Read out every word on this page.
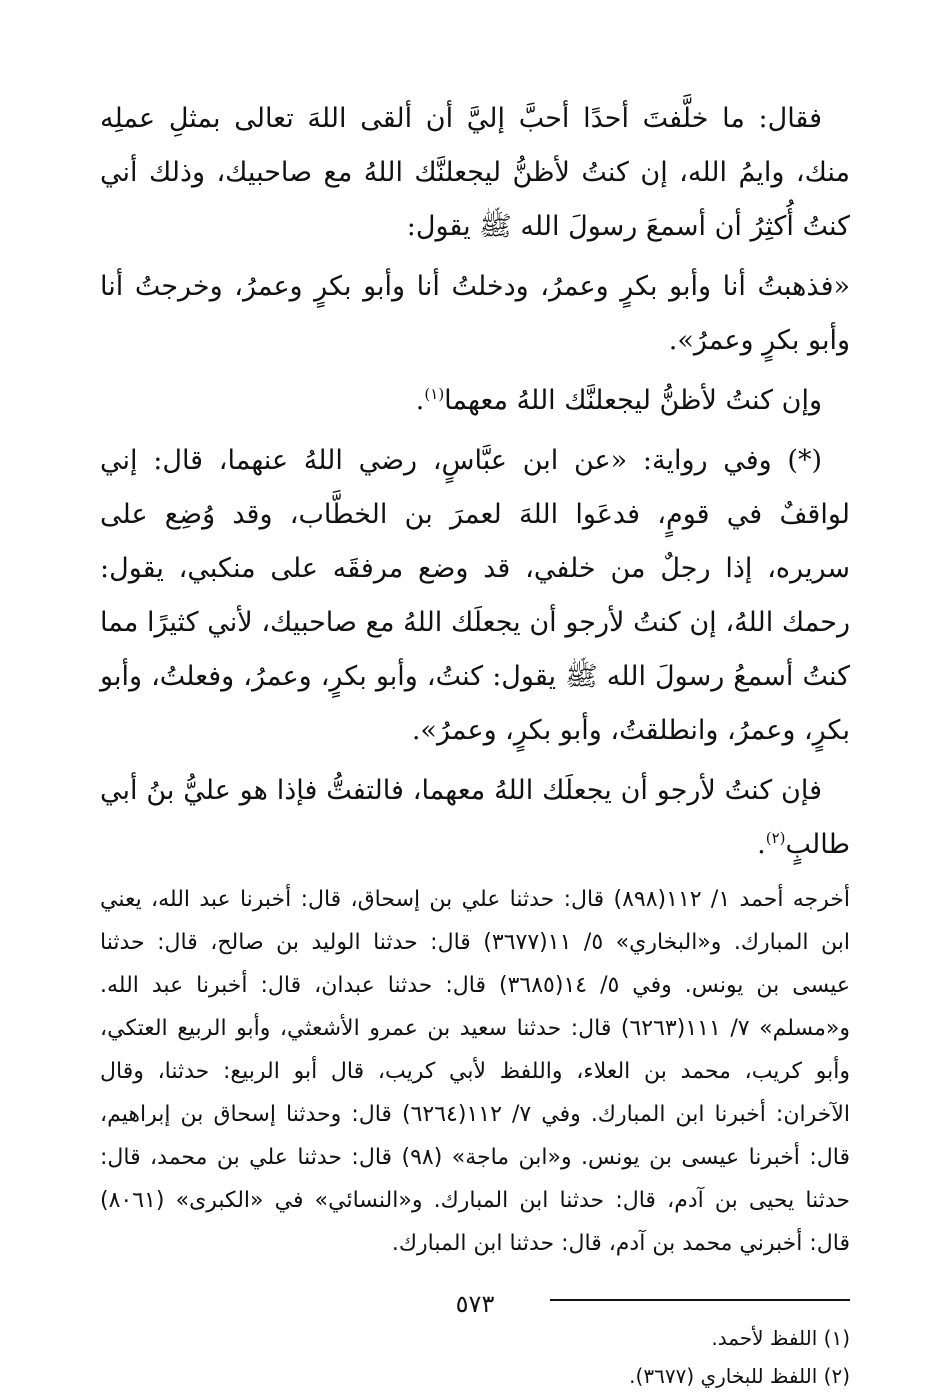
فقال: ما خلَّفتَ أحدًا أحبَّ إليَّ أن ألقى اللهَ تعالى بمثلِ عملِه منك، وايمُ الله، إن كنتُ لأظنُّ ليجعلنَّك اللهُ مع صاحبيك، وذلك أني كنتُ أُكثِرُ أن أسمعَ رسولَ الله ﷺ يقول:

«فذهبتُ أنا وأبو بكرٍ وعمرُ، ودخلتُ أنا وأبو بكرٍ وعمرُ، وخرجتُ أنا وأبو بكرٍ وعمرُ».

وإن كنتُ لأظنُّ ليجعلنَّك اللهُ معهما$^{(١)}$.

(*) وفي رواية: «عن ابن عبَّاسٍ، رضي اللهُ عنهما، قال: إني لواقفٌ في قومٍ، فدعَوا اللهَ لعمرَ بن الخطَّاب، وقد وُضِع على سريره، إذا رجلٌ من خلفي، قد وضع مرفقَه على منكبي، يقول: رحمك اللهُ، إن كنتُ لأرجو أن يجعلَك اللهُ مع صاحبيك، لأني كثيرًا مما كنتُ أسمعُ رسولَ الله ﷺ يقول: كنتُ، وأبو بكرٍ، وعمرُ، وفعلتُ، وأبو بكرٍ، وعمرُ، وانطلقتُ، وأبو بكرٍ، وعمرُ».

فإن كنتُ لأرجو أن يجعلَك اللهُ معهما، فالتفتُّ فإذا هو عليُّ بنُ أبي طالبٍ$^{(٢)}$.

أخرجه أحمد ١/ ١١٢(٨٩٨) قال: حدثنا علي بن إسحاق، قال: أخبرنا عبد الله، يعني ابن المبارك. و«البخاري» ٥/ ١١(٣٦٧٧) قال: حدثنا الوليد بن صالح، قال: حدثنا عيسى بن يونس. وفي ٥/ ١٤(٣٦٨٥) قال: حدثنا عبدان، قال: أخبرنا عبد الله. و«مسلم» ٧/ ١١١(٦٢٦٣) قال: حدثنا سعيد بن عمرو الأشعثي، وأبو الربيع العتكي، وأبو كريب، محمد بن العلاء، واللفظ لأبي كريب، قال أبو الربيع: حدثنا، وقال الآخران: أخبرنا ابن المبارك. وفي ٧/ ١١٢(٦٢٦٤) قال: وحدثنا إسحاق بن إبراهيم، قال: أخبرنا عيسى بن يونس. و«ابن ماجة» (٩٨) قال: حدثنا علي بن محمد، قال: حدثنا يحيى بن آدم، قال: حدثنا ابن المبارك. و«النسائي» في «الكبرى» (٨٠٦١) قال: أخبرني محمد بن آدم، قال: حدثنا ابن المبارك.

(١) اللفظ لأحمد.

(٢) اللفظ للبخاري (٣٦٧٧).

٥٧٣
